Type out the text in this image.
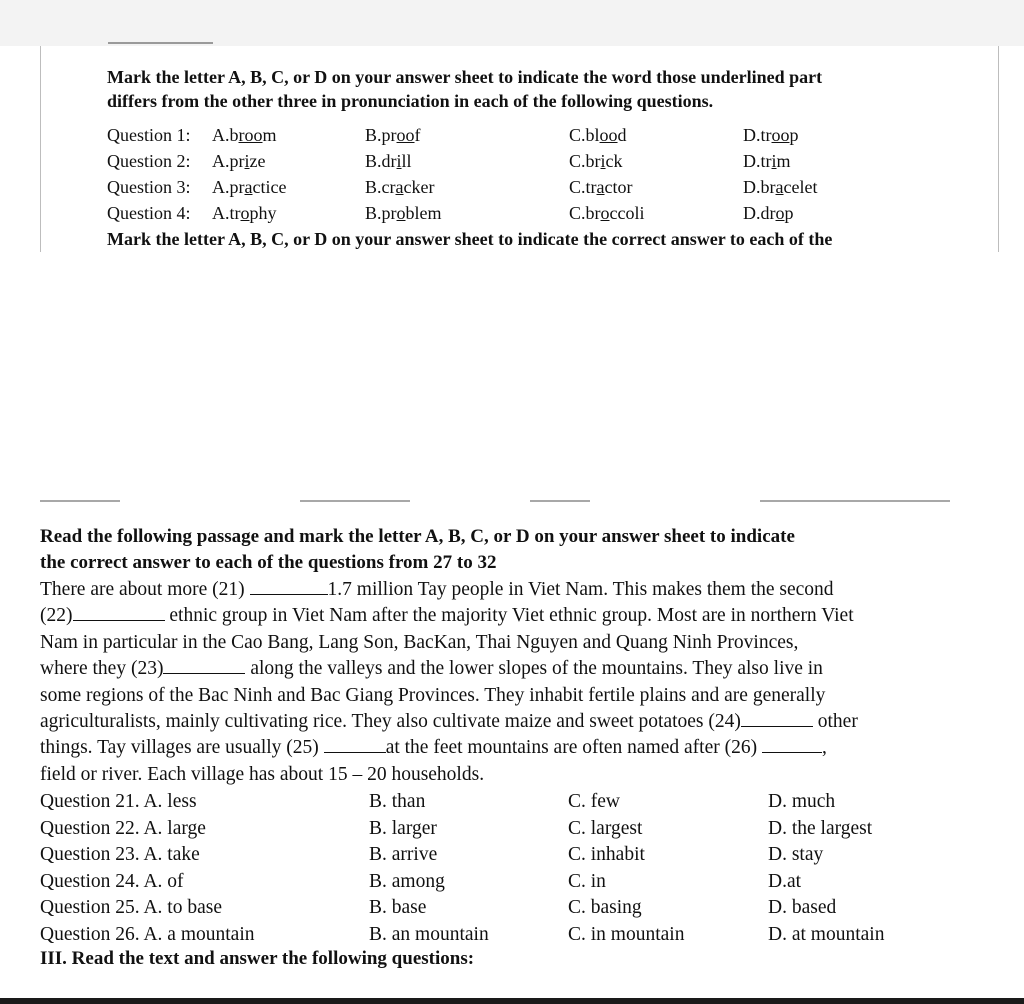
Mark the letter A, B, C, or D on your answer sheet to indicate the word those underlined part
differs from the other three in pronunciation in each of the following questions.
Question 1: A.broom	B.proof	C.blood	D.troop
Question 2: A.prize	B.drill	C.brick	D.trim
Question 3: A.practice	B.cracker	C.tractor	D.bracelet
Question 4: A.trophy	B.problem	C.broccoli	D.drop
Mark the letter A, B, C, or D on your answer sheet to indicate the correct answer to each of the
Read the following passage and mark the letter A, B, C, or D on your answer sheet to indicate
the correct answer to each of the questions from 27 to 32
There are about more (21)	1.7 million Tay people in Viet Nam. This makes them the second
(22)	ethnic group in Viet Nam after the majority Viet ethnic group. Most are in northern Viet
Nam in particular in the Cao Bang, Lang Son, BacKan, Thai Nguyen and Quang Ninh Provinces,
where they (23)	along the valleys and the lower slopes of the mountains. They also live in
some regions of the Bac Ninh and Bac Giang Provinces. They inhabit fertile plains and are generally
agriculturalists, mainly cultivating rice. They also cultivate maize and sweet potatoes (24)	other
things. Tay villages are usually (25)	at the feet mountains are often named after (26)	,
field or river. Each village has about 15 – 20 households.
Question 21. A. less	B. than	C. few	D. much
Question 22. A. large	B. larger	C. largest	D. the largest
Question 23. A. take	B. arrive	C. inhabit	D. stay
Question 24. A. of	B. among	C. in	D.at
Question 25. A. to base	B. base	C. basing	D. based
Question 26. A. a mountain	B. an mountain	C. in mountain	D. at mountain
III. Read the text and answer the following questions:
